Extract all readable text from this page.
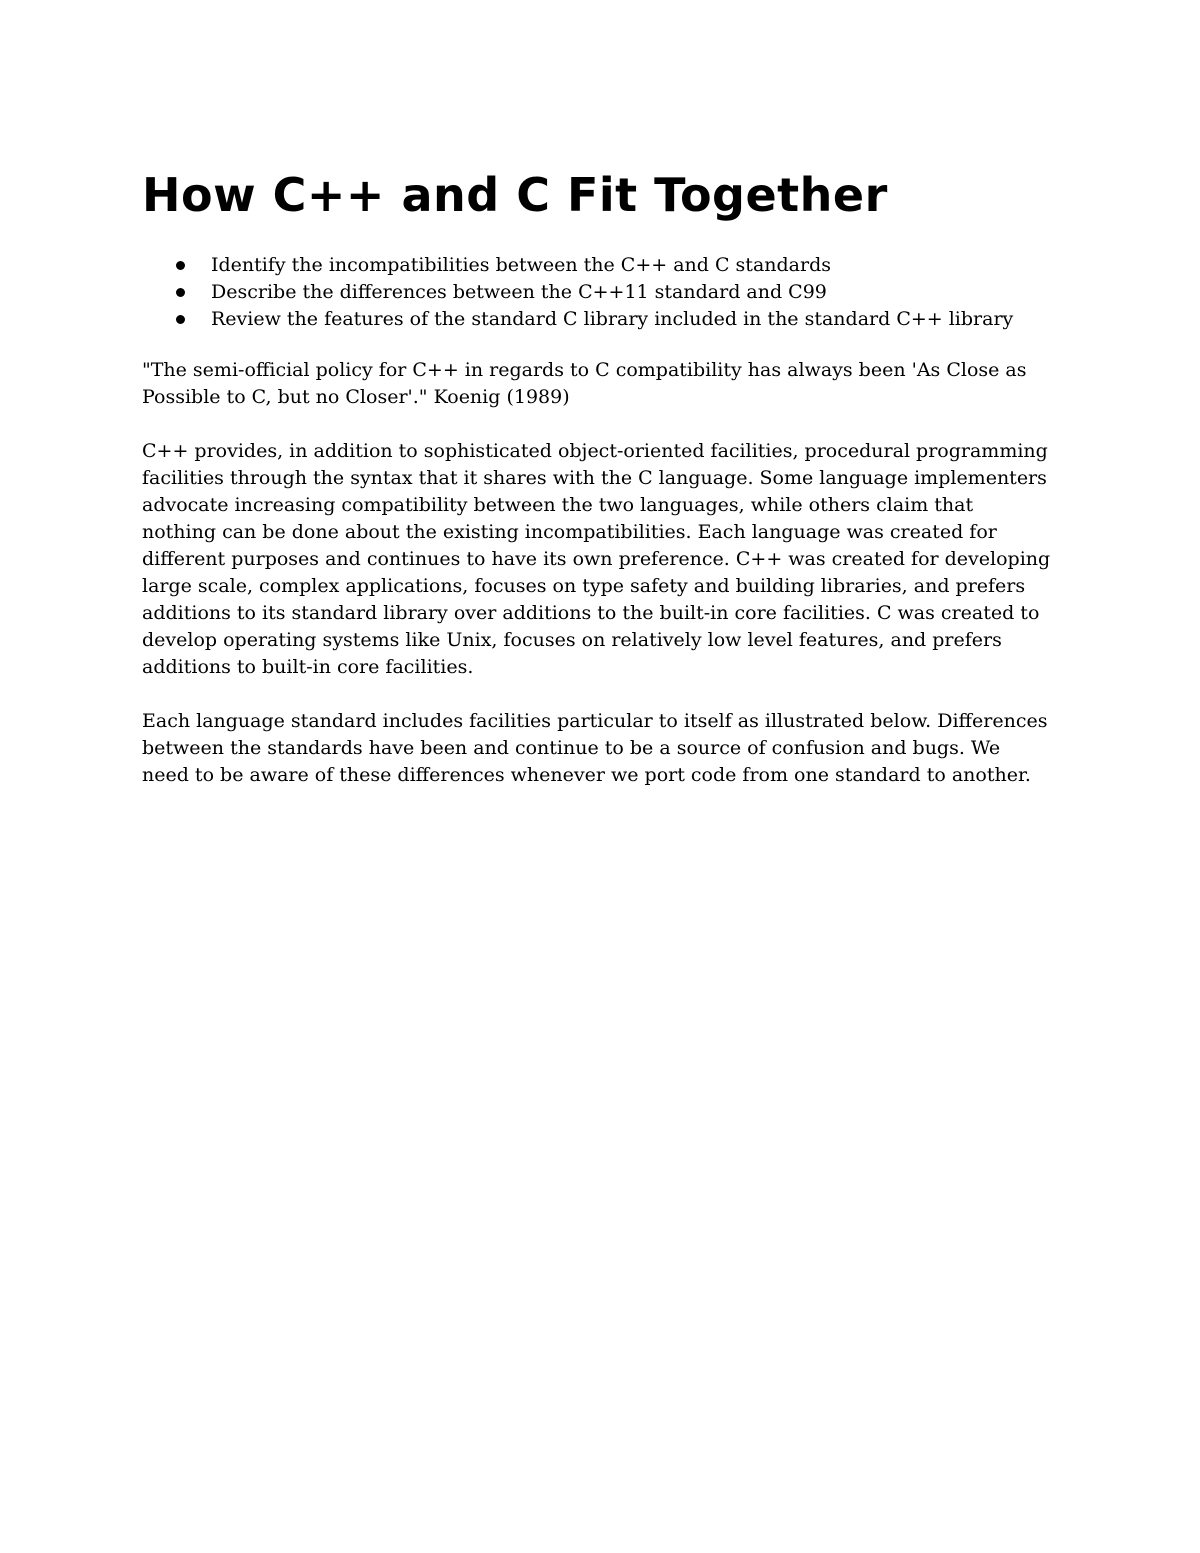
How C++ and C Fit Together
Identify the incompatibilities between the C++ and C standards
Describe the differences between the C++11 standard and C99
Review the features of the standard C library included in the standard C++ library

"The semi-official policy for C++ in regards to C compatibility has always been 'As Close as Possible to C, but no Closer'." Koenig (1989)

C++ provides, in addition to sophisticated object-oriented facilities, procedural programming facilities through the syntax that it shares with the C language. Some language implementers advocate increasing compatibility between the two languages, while others claim that nothing can be done about the existing incompatibilities. Each language was created for different purposes and continues to have its own preference. C++ was created for developing large scale, complex applications, focuses on type safety and building libraries, and prefers additions to its standard library over additions to the built-in core facilities. C was created to develop operating systems like Unix, focuses on relatively low level features, and prefers additions to built-in core facilities.

Each language standard includes facilities particular to itself as illustrated below. Differences between the standards have been and continue to be a source of confusion and bugs. We need to be aware of these differences whenever we port code from one standard to another.
